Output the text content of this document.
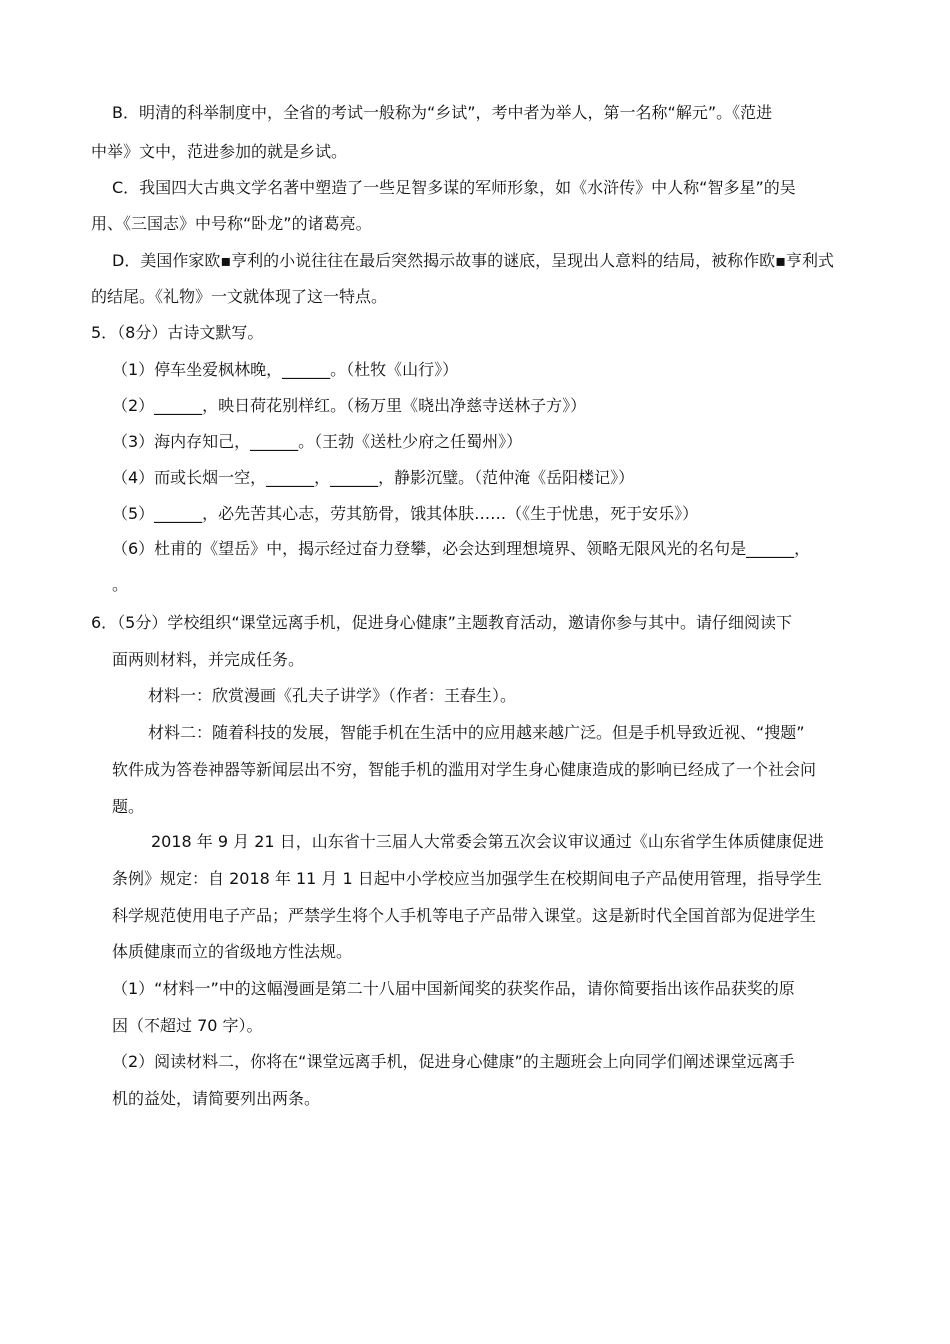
B．明清的科举制度中，全省的考试一般称为“乡试”，考中者为举人，第一名称“解元”。《范进
中举》文中，范进参加的就是乡试。
C．我国四大古典文学名著中塑造了一些足智多谋的军师形象，如《水浒传》中人称“智多星”的吴
用、《三国志》中号称“卧龙”的诸葛亮。
D．美国作家欧▪亨利的小说往往在最后突然揭示故事的谜底，呈现出人意料的结局，被称作欧▪亨利式
的结尾。《礼物》一文就体现了这一特点。
5．（8分）古诗文默写。
（1）停车坐爱枫林晚，______。（杜牧《山行》）
（2）______，映日荷花别样红。（杨万里《晓出净慈寺送林子方》）
（3）海内存知己，______。（王勃《送杜少府之任蜀州》）
（4）而或长烟一空，______，______，静影沉璧。（范仲淹《岳阳楼记》）
（5）______，必先苦其心志，劳其筋骨，饿其体肤……（《生于忧患，死于安乐》）
（6）杜甫的《望岳》中，揭示经过奋力登攀，必会达到理想境界、领略无限风光的名句是______，
。
6．（5分）学校组织“课堂远离手机，促进身心健康”主题教育活动，邀请你参与其中。请仔细阅读下
面两则材料，并完成任务。
材料一：欣赏漫画《孔夫子讲学》（作者：王春生）。
材料二：随着科技的发展，智能手机在生活中的应用越来越广泛。但是手机导致近视、“搜题”
软件成为答卷神器等新闻层出不穷，智能手机的滥用对学生身心健康造成的影响已经成了一个社会问
题。
2018 年 9 月 21 日，山东省十三届人大常委会第五次会议审议通过《山东省学生体质健康促进
条例》规定：自 2018 年 11 月 1 日起中小学校应当加强学生在校期间电子产品使用管理，指导学生
科学规范使用电子产品；严禁学生将个人手机等电子产品带入课堂。这是新时代全国首部为促进学生
体质健康而立的省级地方性法规。
（1）“材料一”中的这幅漫画是第二十八届中国新闻奖的获奖作品，请你简要指出该作品获奖的原
因（不超过 70 字）。
（2）阅读材料二，你将在“课堂远离手机，促进身心健康”的主题班会上向同学们阐述课堂远离手
机的益处，请简要列出两条。
